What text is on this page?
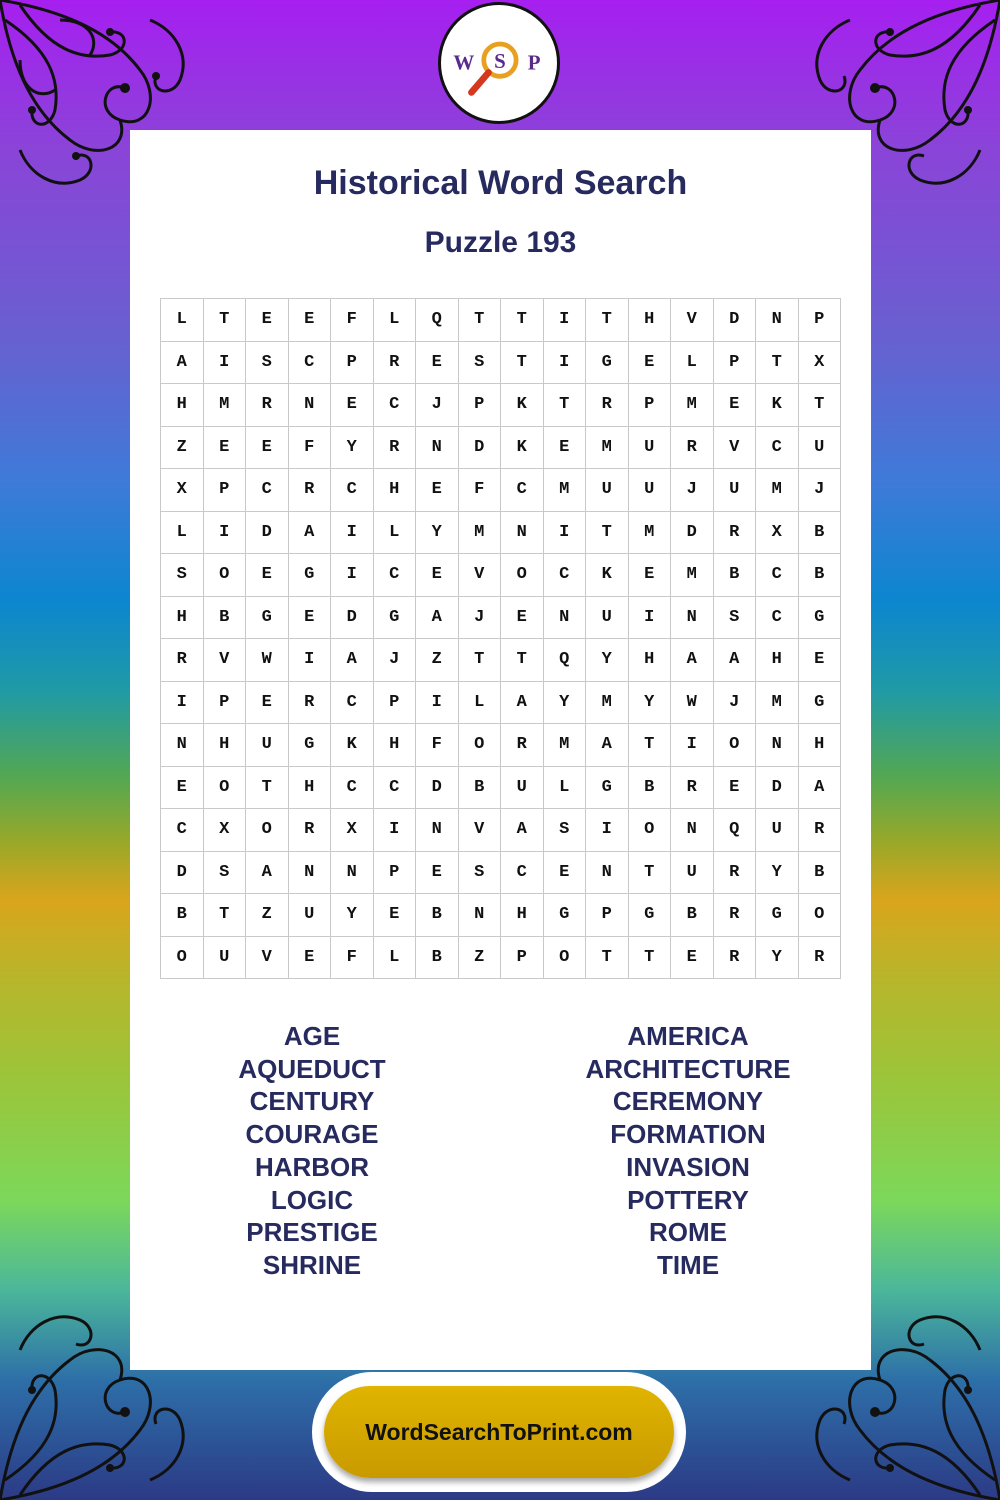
W S P
Historical Word Search
Puzzle 193
L	T	E	E	F	L	Q	T	T	I	T	H	V	D	N	P
A	I	S	C	P	R	E	S	T	I	G	E	L	P	T	X
H	M	R	N	E	C	J	P	K	T	R	P	M	E	K	T
Z	E	E	F	Y	R	N	D	K	E	M	U	R	V	C	U
X	P	C	R	C	H	E	F	C	M	U	U	J	U	M	J
L	I	D	A	I	L	Y	M	N	I	T	M	D	R	X	B
S	O	E	G	I	C	E	V	O	C	K	E	M	B	C	B
H	B	G	E	D	G	A	J	E	N	U	I	N	S	C	G
R	V	W	I	A	J	Z	T	T	Q	Y	H	A	A	H	E
I	P	E	R	C	P	I	L	A	Y	M	Y	W	J	M	G
N	H	U	G	K	H	F	O	R	M	A	T	I	O	N	H
E	O	T	H	C	C	D	B	U	L	G	B	R	E	D	A
C	X	O	R	X	I	N	V	A	S	I	O	N	Q	U	R
D	S	A	N	N	P	E	S	C	E	N	T	U	R	Y	B
B	T	Z	U	Y	E	B	N	H	G	P	G	B	R	G	O
O	U	V	E	F	L	B	Z	P	O	T	T	E	R	Y	R
AGE
AQUEDUCT
CENTURY
COURAGE
HARBOR
LOGIC
PRESTIGE
SHRINE
AMERICA
ARCHITECTURE
CEREMONY
FORMATION
INVASION
POTTERY
ROME
TIME
WordSearchToPrint.com
